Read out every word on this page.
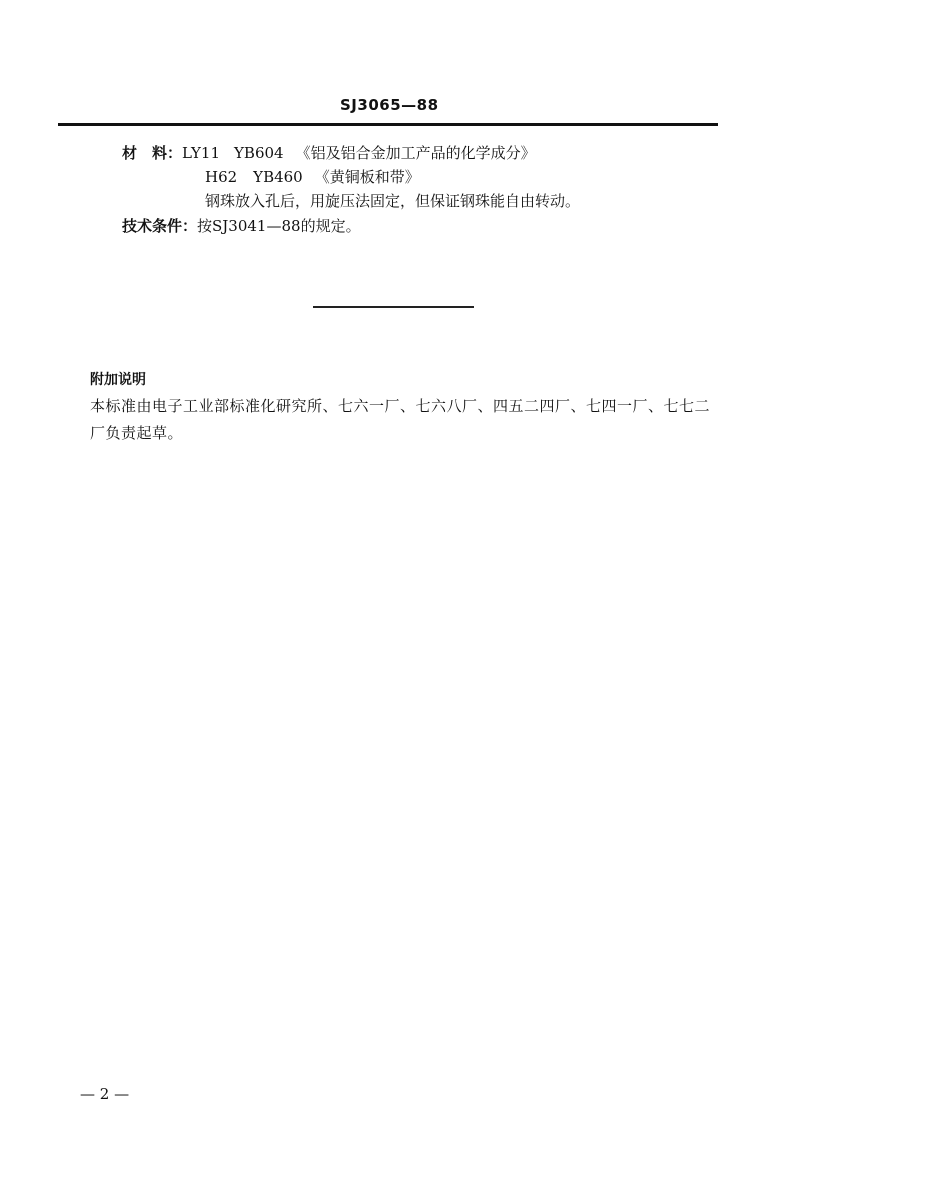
SJ3065—88
材　料：LY11 YB604 《铝及铝合金加工产品的化学成分》
H62 YB460 《黄铜板和带》
钢珠放入孔后，用旋压法固定，但保证钢珠能自由转动。
技术条件：按SJ3041—88的规定。
附加说明
本标准由电子工业部标准化研究所、七六一厂、七六八厂、四五二四厂、七四一厂、七七二厂负责起草。
— 2 —
